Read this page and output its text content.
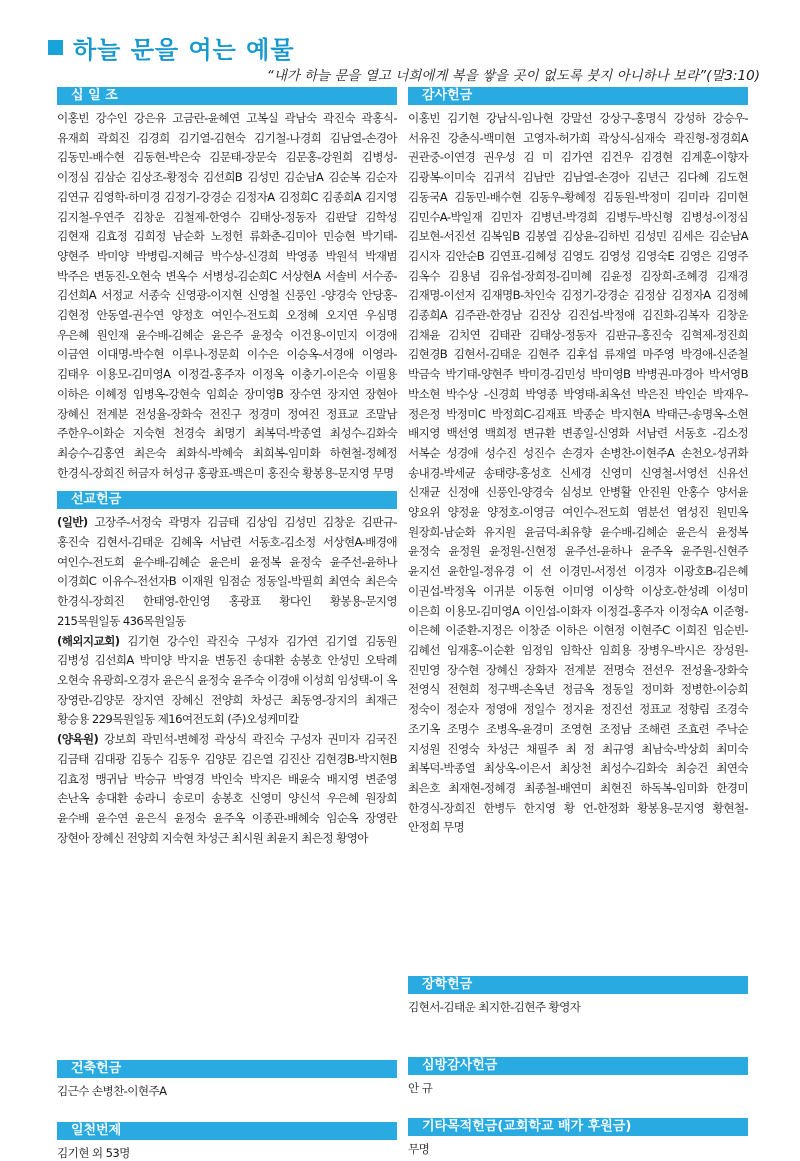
하늘 문을 여는 예물
“내가 하늘 문을 열고 너희에게 복을 쌓을 곳이 없도록 붓지 아니하나 보라”(말3:10)
십 일 조
이홍빈 강수인 강은유 고금란-윤혜연 고복실 곽남숙 곽진숙 곽홍식-유재희 곽희진 김경희 김기열-김현숙 김기철-나경희 김남열-손경아 김동민-배수현 김동현-박은숙 김문태-장문숙 김문홍-강원희 김병성-이정심 김삼순 김상조-황정숙 김선희B 김성민 김순남A 김순복 김순자 김연규 김영학-하미경 김정기-강경순 김정자A 김정희C 김종희A 김지영 김지철-우연주 김창운 김철제-한영수 김태상-정동자 김판달 김학성 김현재 김효정 김희정 남순화 노정헌 류화춘-김미아 민승현 박기태-양현주 박미양 박병림-지혜금 박수상-신경희 박영종 박원석 박재범 박주은 변동진-오현숙 변옥수 서병성-김순희C 서상현A 서솔비 서수종-김선희A 서정교 서종숙 신영광-이지현 신영철 신풍인 -양경숙 안당홍-김현정 안동열-권수연 양정호 여인수-전도희 오정혜 오지연 우심명 우은혜 원인재 윤수배-김혜순 윤은주 윤정숙 이건용-이민지 이경애 이금연 이대명-박수현 이루나-정문희 이수은 이승옥-서경애 이영라-김태우 이용모-김미영A 이정걸-홍주자 이정옥 이충기-이은숙 이필용 이하은 이혜정 임병옥-강현숙 임희순 장미영B 장수연 장지연 장현아 장혜신 전계분 전성율-장화숙 전진구 정경미 정여진 정표교 조말남 주한우-이화순 지숙현 천경숙 최명기 최복덕-박종열 최성수-김화숙 최승수-김홍연 최은숙 최화식-박혜숙 최희복-임미화 하현철-정혜정 한경식-장희진 허금자 허성규 홍광표-백은미 홍진숙 황봉용-문지영 무명
선교헌금

(일반) 고장주-서정숙 곽명자 김금태 김상임 김성민 김창운 김판규-홍진숙 김현서-김태운 김혜옥 서남련 서동호-김소정 서상현A-배경애 여인수-전도희 윤수배-김혜순 윤은비 윤정복 윤정숙 윤주선-윤하나 이경희C 이유수-전선자B 이재원 임점순 정동일-박필희 최연숙 최은숙 한경식-장희진 한태영-한인영 홍광표 황다인 황봉용-문지영 215목원일동 436목원일동

(해외지교회) 김기현 강수인 곽진숙 구성자 김가연 김기열 김동원 김병성 김선희A 박미양 박지윤 변동진 송대환 송봉호 안성민 오탁례 오현숙 유광희-오경자 윤은식 윤정숙 윤주숙 이경애 이성희 임성택-이 옥 장영란-김양문 장지연 장혜신 전양희 차성근 최동영-장지의 최재근 황승용 229목원일동 제16여전도회 (주)오성케미칼

(양육원) 강보희 곽민석-변혜정 곽상식 곽진숙 구성자 권미자 김국진 김금태 김대광 김동수 김동우 김양문 김은열 김진산 김현경B-박지현B 김효정 맹귀남 박승규 박영경 박인숙 박지은 배윤숙 배지영 변준영 손난옥 송대환 송라니 송로미 송봉호 신영미 양신석 우은혜 원장희 윤수배 윤수연 윤은식 윤정숙 윤주옥 이종관-배혜숙 임순옥 장영란 장현아 장혜신 전양희 지숙현 차성근 최시원 최윤지 최은정 황영아

건축헌금
김근수 손병찬-이현주A
일천번제
김기현 외 53명
감사헌금
이홍빈 김기현 강남식-임나현 강말선 강상구-홍명식 강성하 강승우-서유진 강춘식-백미현 고영자-허가희 곽상식-심재숙 곽진형-정경희A 권관중-이연경 권우성 김 미 김가연 김건우 김경현 김계훈-이향자 김광복-이미숙 김귀석 김남만 김남열-손경아 김년근 김다혜 김도현 김동국A 김동민-배수현 김동우-황혜정 김동원-박정미 김미라 김미현 김민수A-박일재 김민자 김병년-박경희 김병두-박신형 김병성-이정심 김보현-서진선 김복임B 김봉열 김상윤-김하빈 김성민 김세은 김순남A 김시자 김안순B 김연표-김혜성 김영도 김영성 김영숙E 김영은 김영주 김옥수 김용념 김유섭-장희정-김미혜 김윤정 김장희-조혜경 김재경 김재명-이선저 김재명B-차인숙 김정기-강경순 김정삼 김정자A 김정혜 김종희A 김주관-한경남 김진상 김진섭-박정애 김진화-김복자 김창운 김채윤 김치연 김태관 김태상-정동자 김판규-홍진숙 김혁제-정진희 김현경B 김현서-김태운 김현주 김후섭 류재열 마주영 박경애-신준철 박금숙 박기태-양현주 박미경-김민성 박미영B 박병권-마경아 박서영B 박소현 박수상 -신경희 박영종 박영태-최옥선 박은진 박인순 박재우-정은정 박정미C 박정희C-김재표 박종순 박지현A 박태근-송명옥-소현 배지영 백선영 백희정 변규환 변종일-신영화 서남련 서동호 -김소정 서복순 성경애 성수진 성진수 손경자 손병찬-이현주A 손천오-성귀화 송내경-박세균 송태량-홍성호 신세경 신영미 신영철-서영선 신유선 신재균 신정애 신풍인-양경숙 심성보 안병활 안진원 안홍수 양서윤 양요위 양정윤 양정호-이영금 여인수-전도희 염분선 염성진 원민옥 원장희-남순화 유지원 윤금덕-최유향 윤수배-김혜순 윤은식 윤정복 윤정숙 윤정원 윤정원-신현정 윤주선-윤하나 윤주옥 윤주원-신현주 윤지선 윤한일-정유경 이 선 이경민-서정선 이경자 이광호B-김은혜 이권섭-박정옥 이귀분 이동현 이미영 이상학 이상호-한성례 이성미 이은희 이용모-김미영A 이인섭-이화자 이정걸-홍주자 이정숙A 이준형-이은혜 이준환-지정은 이창준 이하은 이현정 이현주C 이희진 임순빈-김혜선 임재홍-이순환 임정임 임학산 임희용 장병우-박시은 장성원-진민영 장수현 장혜신 장화자 전계분 전명숙 전선우 전성율-장화숙 전영식 전현희 정구백-손옥년 정금옥 정동일 정미화 정병한-이승희 정숙이 정순자 정영애 정일수 정지윤 정진선 정표교 정향림 조경숙 조기옥 조명수 조병옥-윤경미 조영현 조정남 조해련 조효련 주낙순 지성원 진영숙 차성근 채필주 최 정 최규영 최남숙-박상희 최미숙 최복덕-박종열 최상옥-이은서 최상천 최성수-김화숙 최승건 최연숙 최은호 최재현-정혜경 최종철-배연미 최현진 하독복-임미화 한경미 한경식-장희진 한병두 한지영 황 언-한정화 황봉용-문지영 황현철-안정희 무명
장학헌금
김현서-김태운 최지한-김현주 황영자
심방감사헌금
안 규
기타목적헌금(교회학교 배가 후원금)
무명
